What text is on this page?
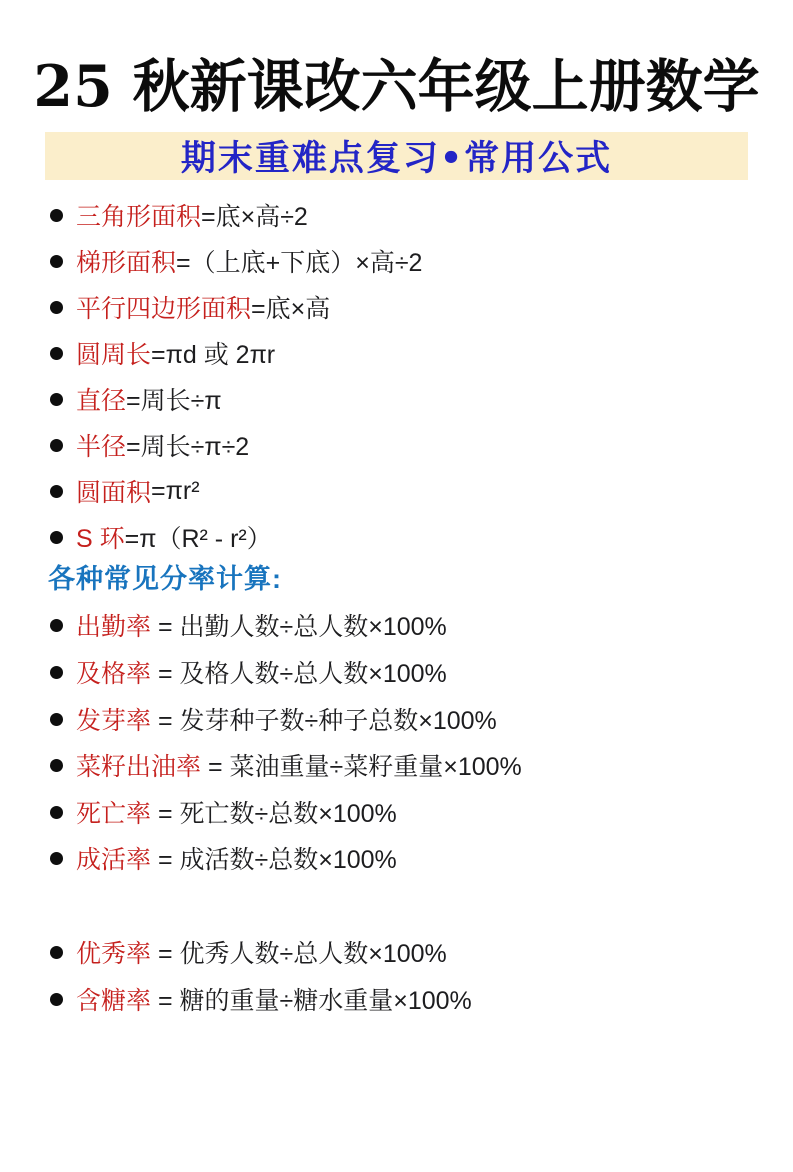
25 秋新课改六年级上册数学
期末重难点复习•常用公式
三角形面积 =底×高÷2
梯形面积 =（上底+下底）×高÷2
平行四边形面积 =底×高
圆周长 =πd 或 2πr
直径 =周长÷π
半径 =周长÷π÷2
圆面积 =πr²
S 环 =π（R² - r²）
各种常见分率计算:
出勤率 = 出勤人数÷总人数×100%
及格率 = 及格人数÷总人数×100%
发芽率 = 发芽种子数÷种子总数×100%
菜籽出油率 = 菜油重量÷菜籽重量×100%
死亡率 = 死亡数÷总数×100%
成活率 = 成活数÷总数×100%
优秀率 = 优秀人数÷总人数×100%
含糖率 = 糖的重量÷糖水重量×100%
